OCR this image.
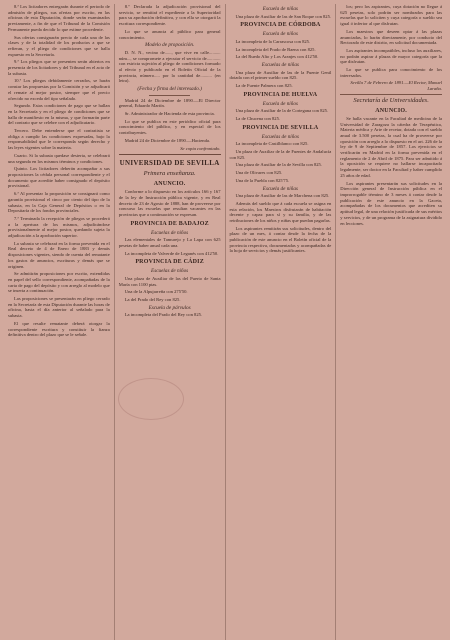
8.ª Los licitadores entregarán durante el periodo de admisión de pliegos, sus ofertas por escrito, en las oficinas de esta Diputación, donde serán examinados previamente, a fin de que el Tribunal de la Comisión Permanente pueda decidir lo que estime procedente.

Sus ofertas consignarán precio de cada una de las clases y de la totalidad de los productos a que se refieran, y el pliego de condiciones que se halla expuesto en la Secretaría.

9.ª Los pliegos que se presenten serán abiertos en presencia de los licitadores y del Tribunal en el acto de la subasta.

10.ª Los pliegos debidamente cerrados, se harán constar las propuestas por la Comisión y se adjudicará el remate al mejor postor, siempre que el precio ofrecido no exceda del tipo señalado.

Segundo. Estas condiciones de pago que se hallan en la Secretaría y en el pliego de condiciones que se halla de manifiesto en la misma, y que formarán parte del contrato que se celebre con el adjudicatario.

Tercero. Debe entenderse que el contratista se obliga a cumplir las condiciones expresadas, bajo la responsabilidad que le corresponda según derecho y las leyes vigentes sobre la materia.

Cuarto. Si la subasta quedase desierta, se celebrará una segunda en los mismos términos y condiciones.

Quinto. Los licitadores deberán acompañar a sus proposiciones la cédula personal correspondiente y el documento que acredite haber consignado el depósito provisional.

6.ª Al presentar la proposición se consignará como garantía provisional el cinco por ciento del tipo de la subasta, en la Caja General de Depósitos o en la Depositaría de los fondos provinciales.

7.ª Terminada la recepción de pliegos se procederá a la apertura de los mismos, adjudicándose provisionalmente al mejor postor, quedando sujeta la adjudicación a la aprobación superior.

La subasta se celebrará en la forma prevenida en el Real decreto de 4 de Enero de 1883 y demás disposiciones vigentes, siendo de cuenta del rematante los gastos de anuncios, escrituras y demás que se originen.

Se admitirán proposiciones por escrito, extendidas en papel del sello correspondiente, acompañadas de la carta de pago del depósito y con arreglo al modelo que se inserta a continuación.

Las proposiciones se presentarán en pliego cerrado en la Secretaría de esta Diputación durante las horas de oficina, hasta el día anterior al señalado para la subasta.

El que resulte rematante deberá otorgar la correspondiente escritura y constituir la fianza definitiva dentro del plazo que se le señale.

8.º Declarada la adjudicación provisional del servicio, se remitirá el expediente a la Superioridad para su aprobación definitiva, y con ella se otorgará la escritura correspondiente.

Lo que se anuncia al público para general conocimiento.

Modelo de proposición.

D. N. N., vecino de......, que vive en calle.......... núm..., se compromete a ejecutar el servicio de............ con estricta sujeción al pliego de condiciones formado al efecto y publicado en el Boletín Oficial de la provincia, número..... por la cantidad de.......... (en letra).

(Fecha y firma del interesado.)

Madrid 24 de Diciembre de 1890.—El Director general, Eduardo Martín.

Sr. Administrador de Hacienda de esta provincia.

Lo que se publica en este periódico oficial para conocimiento del público, y en especial de los contribuyentes.

Madrid 24 de Diciembre de 1890.—Hacienda.

Se copia confrontado.
UNIVERSIDAD DE SEVILLA
Primera enseñanza.
ANUNCIO.

Conforme a lo dispuesto en los artículos 166 y 167 de la ley de Instrucción pública vigente, y en Real decreto de 23 de Agosto de 1888, han de proveerse por concurso las escuelas que resultan vacantes en las provincias que a continuación se expresan.

PROVINCIA DE BADAJOZ
Escuelas de niños

Las elementales de Tamurejo y La Lapa con 625 pesetas de haber anual cada una.

La incompleta de Valverde de Leganés con 412'50.

PROVINCIA DE CÁDIZ
Escuelas de niños

Una plaza de Auxiliar de las del Puerto de Santa María con 1100 ptas.

Una de la Alpujarreña con 275'50.

La del Prado del Rey con 825.

Escuela de párvulos

La incompleta del Prado del Rey con 825.

Escuela de niñas

Una plaza de Auxiliar de las de San Roque con 825.

PROVINCIA DE CÓRDOBA
Escuela de niños

La incompleta de la Carrascosa con 825.

La incompleta del Prado de Baena con 825.

La del Ruedo Alto y Los Aranjes con 412'50.

Escuelas de niñas

Una plaza de Auxiliar de las de la Puente Genil dotada con el primer sueldo con 825.

La de Fuente Palmera con 825.

PROVINCIA DE HUELVA
Escuela de niños

Una plaza de Auxiliar de la de Cortegana con 825.

La de Chucena con 825.

PROVINCIA DE SEVILLA
Escuelas de niños

La incompleta de Castilblanco con 825.

Un plaza de Auxiliar de la de Fuentes de Andalucía con 825.

Una plaza de Auxiliar de la de Sevilla con 825.

Una de Olivares con 825.

Una de la Puebla con 825'75.

Escuela de niñas

Una plaza de Auxiliar de las de Marchena con 825.

Además del sueldo que á cada escuela se asigna en esta relación, los Maestros disfrutarán de habitación decente y capaz para sí y su familia, y de las retribuciones de los niños y niñas que puedan pagarlas.

Los aspirantes remitirán sus solicitudes, dentro del plazo de un mes, á contar desde la fecha de la publicación de este anuncio en el Boletín oficial de la provincia respectiva, documentadas y acompañadas de la hoja de servicios y demás justificantes.

los; pero los aspirantes, cuya dotación no llegue á 625 pesetas, solo podrán ser nombrados para las escuelas que lo soliciten y cuya categoría o sueldo sea igual ó inferior al que disfrutan.

Los maestros que deseen optar á las plazas anunciadas, lo harán directamente, por conducto del Rectorado de este distrito, en solicitud documentada.

Los aspirantes incompatibles, incluso los auxiliares, no podrán aspirar á plazas de mayor categoría que la que disfrutan.

Lo que se publica para conocimiento de los interesados.

Sevilla 7 de Febrero de 1891.—El Rector, Manuel Laraña.

Secretaría de Universidades.
ANUNCIO.

Se halla vacante en la Facultad de medicina de la Universidad de Zaragoza la cátedra de Terapéutica, Materia médica y Arte de recetar, dotada con el sueldo anual de 3.500 pesetas, la cual ha de proveerse por oposición con arreglo a lo dispuesto en el art. 226 de la ley de 9 de Septiembre de 1857. Los ejercicios se verificarán en Madrid en la forma prevenida en el reglamento de 2 de Abril de 1875. Para ser admitido á la oposición se requiere no hallarse incapacitado legalmente, ser doctor en la Facultad y haber cumplido 25 años de edad.

Los aspirantes presentarán sus solicitudes en la Dirección general de Instrucción pública en el improrrogable término de 3 meses á contar desde la publicación de este anuncio en la Gaceta, acompañadas de los documentos que acrediten su aptitud legal, de una relación justificada de sus méritos y servicios, y de un programa de la asignatura dividido en lecciones.
